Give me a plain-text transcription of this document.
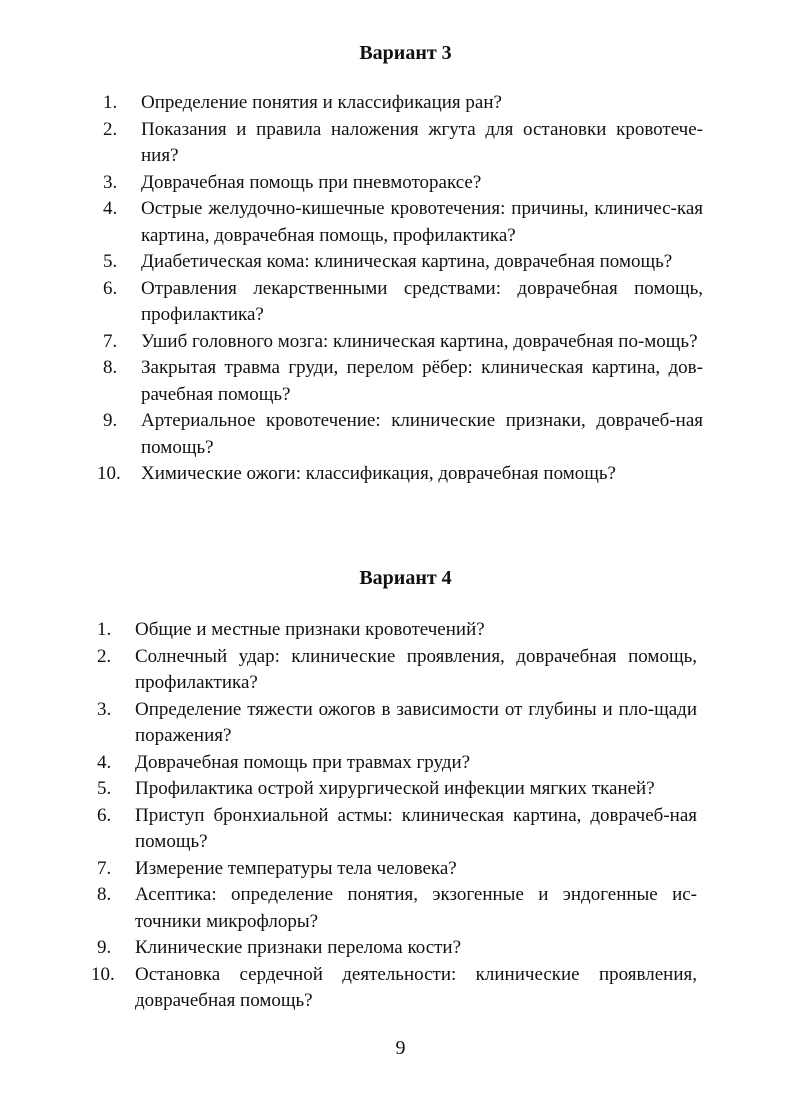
Вариант 3
1. Определение понятия и классификация ран?
2. Показания и правила наложения жгута для остановки кровотече-ния?
3. Доврачебная помощь при пневмотораксе?
4. Острые желудочно-кишечные кровотечения: причины, клиничес-кая картина, доврачебная помощь, профилактика?
5. Диабетическая кома: клиническая картина, доврачебная помощь?
6. Отравления лекарственными средствами: доврачебная помощь, профилактика?
7. Ушиб головного мозга: клиническая картина, доврачебная по-мощь?
8. Закрытая травма груди, перелом рёбер: клиническая картина, дов-рачебная помощь?
9. Артериальное кровотечение: клинические признаки, доврачеб-ная помощь?
10. Химические ожоги: классификация, доврачебная помощь?
Вариант 4
1. Общие и местные признаки кровотечений?
2. Солнечный удар: клинические проявления, доврачебная помощь, профилактика?
3. Определение тяжести ожогов в зависимости от глубины и пло-щади поражения?
4. Доврачебная помощь при травмах груди?
5. Профилактика острой хирургической инфекции мягких тканей?
6. Приступ бронхиальной астмы: клиническая картина, доврачеб-ная помощь?
7. Измерение температуры тела человека?
8. Асептика: определение понятия, экзогенные и эндогенные ис-точники микрофлоры?
9. Клинические признаки перелома кости?
10. Остановка сердечной деятельности: клинические проявления, доврачебная помощь?
9
